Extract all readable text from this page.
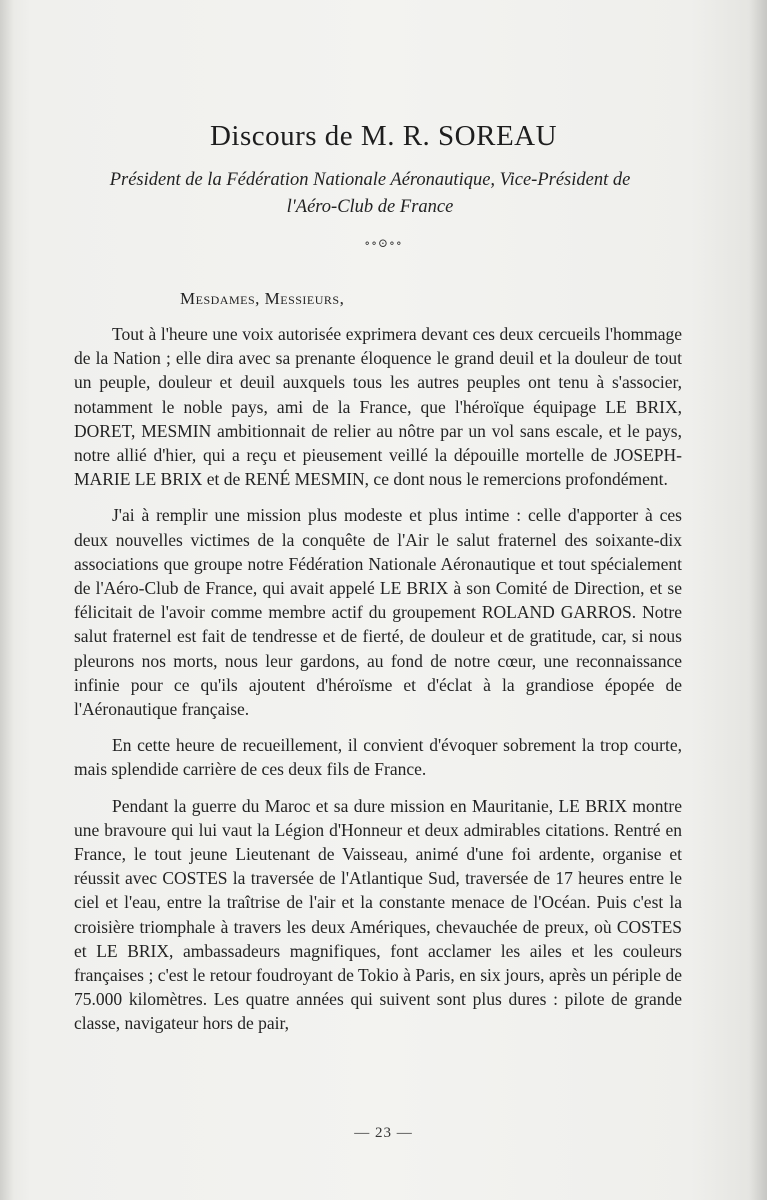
Discours de M. R. SOREAU
Président de la Fédération Nationale Aéronautique, Vice-Président de l'Aéro-Club de France
∘∘⊙∘∘
Mesdames, Messieurs,

Tout à l'heure une voix autorisée exprimera devant ces deux cercueils l'hommage de la Nation ; elle dira avec sa prenante éloquence le grand deuil et la douleur de tout un peuple, douleur et deuil auxquels tous les autres peuples ont tenu à s'associer, notamment le noble pays, ami de la France, que l'héroïque équipage LE BRIX, DORET, MESMIN ambitionnait de relier au nôtre par un vol sans escale, et le pays, notre allié d'hier, qui a reçu et pieusement veillé la dépouille mortelle de JOSEPH-MARIE LE BRIX et de RENÉ MESMIN, ce dont nous le remercions profondément.

J'ai à remplir une mission plus modeste et plus intime : celle d'apporter à ces deux nouvelles victimes de la conquête de l'Air le salut fraternel des soixante-dix associations que groupe notre Fédération Nationale Aéronautique et tout spécialement de l'Aéro-Club de France, qui avait appelé LE BRIX à son Comité de Direction, et se félicitait de l'avoir comme membre actif du groupement ROLAND GARROS. Notre salut fraternel est fait de tendresse et de fierté, de douleur et de gratitude, car, si nous pleurons nos morts, nous leur gardons, au fond de notre cœur, une reconnaissance infinie pour ce qu'ils ajoutent d'héroïsme et d'éclat à la grandiose épopée de l'Aéronautique française.

En cette heure de recueillement, il convient d'évoquer sobrement la trop courte, mais splendide carrière de ces deux fils de France.

Pendant la guerre du Maroc et sa dure mission en Mauritanie, LE BRIX montre une bravoure qui lui vaut la Légion d'Honneur et deux admirables citations. Rentré en France, le tout jeune Lieutenant de Vaisseau, animé d'une foi ardente, organise et réussit avec COSTES la traversée de l'Atlantique Sud, traversée de 17 heures entre le ciel et l'eau, entre la traîtrise de l'air et la constante menace de l'Océan. Puis c'est la croisière triomphale à travers les deux Amériques, chevauchée de preux, où COSTES et LE BRIX, ambassadeurs magnifiques, font acclamer les ailes et les couleurs françaises ; c'est le retour foudroyant de Tokio à Paris, en six jours, après un périple de 75.000 kilomètres. Les quatre années qui suivent sont plus dures : pilote de grande classe, navigateur hors de pair,

— 23 —
